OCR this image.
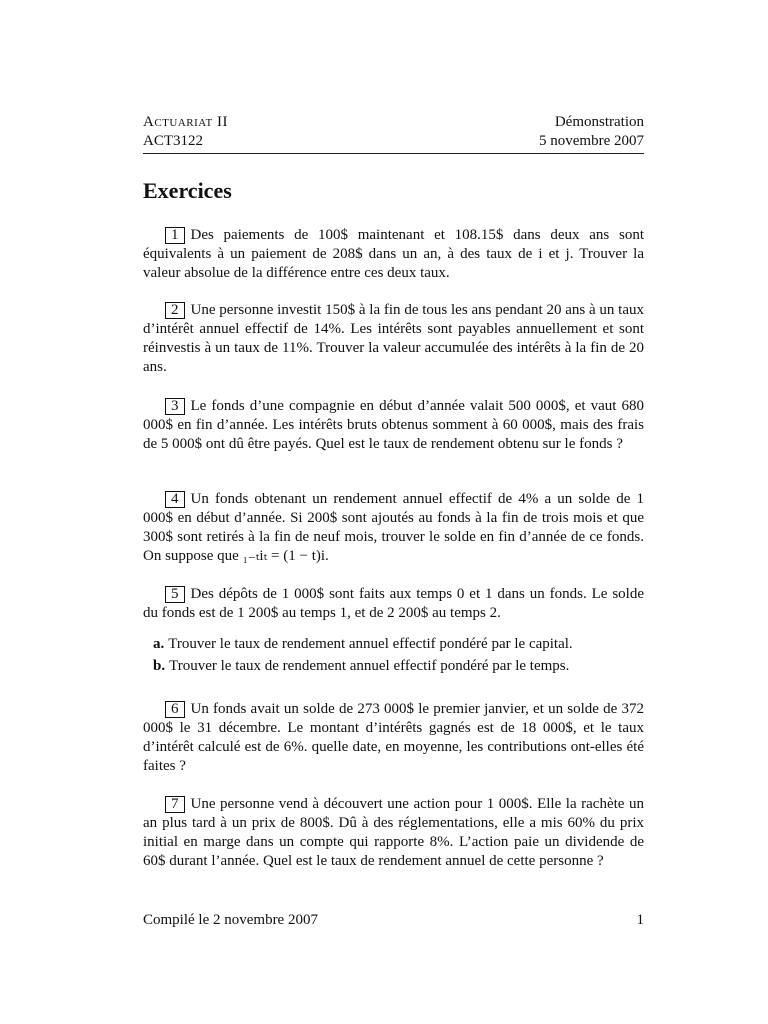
Actuariat II
ACT3122
Démonstration
5 novembre 2007
Exercices
1 Des paiements de 100$ maintenant et 108.15$ dans deux ans sont équivalents à un paiement de 208$ dans un an, à des taux de i et j. Trouver la valeur absolue de la différence entre ces deux taux.
2 Une personne investit 150$ à la fin de tous les ans pendant 20 ans à un taux d’intérêt annuel effectif de 14%. Les intérêts sont payables annuellement et sont réinvestis à un taux de 11%. Trouver la valeur accumulée des intérêts à la fin de 20 ans.
3 Le fonds d’une compagnie en début d’année valait 500 000$, et vaut 680 000$ en fin d’année. Les intérêts bruts obtenus somment à 60 000$, mais des frais de 5 000$ ont dû être payés. Quel est le taux de rendement obtenu sur le fonds ?
4 Un fonds obtenant un rendement annuel effectif de 4% a un solde de 1 000$ en début d’année. Si 200$ sont ajoutés au fonds à la fin de trois mois et que 300$ sont retirés à la fin de neuf mois, trouver le solde en fin d’année de ce fonds. On suppose que ₁₋ₜiₜ = (1 − t)i.
5 Des dépôts de 1 000$ sont faits aux temps 0 et 1 dans un fonds. Le solde du fonds est de 1 200$ au temps 1, et de 2 200$ au temps 2.
a. Trouver le taux de rendement annuel effectif pondéré par le capital.
b. Trouver le taux de rendement annuel effectif pondéré par le temps.
6 Un fonds avait un solde de 273 000$ le premier janvier, et un solde de 372 000$ le 31 décembre. Le montant d’intérêts gagnés est de 18 000$, et le taux d’intérêt calculé est de 6%. quelle date, en moyenne, les contributions ont-elles été faites ?
7 Une personne vend à découvert une action pour 1 000$. Elle la rachète un an plus tard à un prix de 800$. Dû à des réglementations, elle a mis 60% du prix initial en marge dans un compte qui rapporte 8%. L’action paie un dividende de 60$ durant l’année. Quel est le taux de rendement annuel de cette personne ?
Compilé le 2 novembre 2007	1
